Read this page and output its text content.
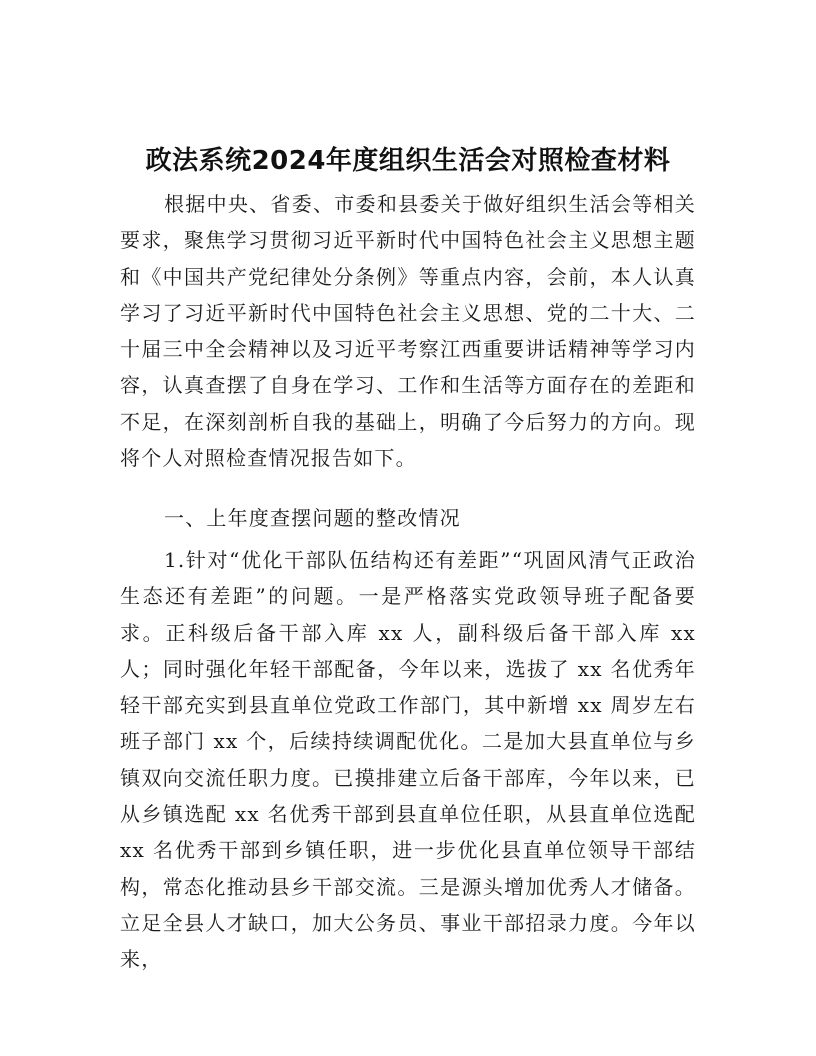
政法系统2024年度组织生活会对照检查材料

根据中央、省委、市委和县委关于做好组织生活会等相关要求，聚焦学习贯彻习近平新时代中国特色社会主义思想主题和《中国共产党纪律处分条例》等重点内容，会前，本人认真学习了习近平新时代中国特色社会主义思想、党的二十大、二十届三中全会精神以及习近平考察江西重要讲话精神等学习内容，认真查摆了自身在学习、工作和生活等方面存在的差距和不足，在深刻剖析自我的基础上，明确了今后努力的方向。现将个人对照检查情况报告如下。

一、上年度查摆问题的整改情况

1.针对“优化干部队伍结构还有差距”“巩固风清气正政治生态还有差距”的问题。一是严格落实党政领导班子配备要求。正科级后备干部入库 xx 人，副科级后备干部入库 xx 人；同时强化年轻干部配备，今年以来，选拔了 xx 名优秀年轻干部充实到县直单位党政工作部门，其中新增 xx 周岁左右班子部门 xx 个，后续持续调配优化。二是加大县直单位与乡镇双向交流任职力度。已摸排建立后备干部库，今年以来，已从乡镇选配 xx 名优秀干部到县直单位任职，从县直单位选配 xx 名优秀干部到乡镇任职，进一步优化县直单位领导干部结构，常态化推动县乡干部交流。三是源头增加优秀人才储备。立足全县人才缺口，加大公务员、事业干部招录力度。今年以来，
